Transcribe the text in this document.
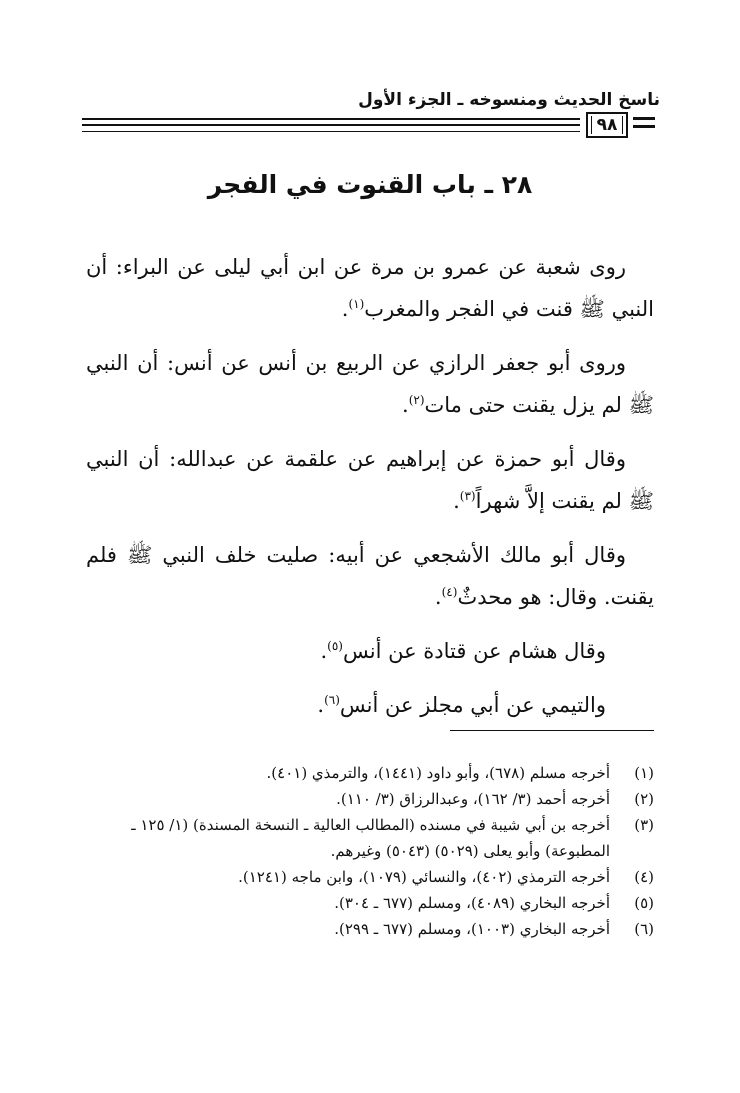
ناسخ الحديث ومنسوخه ـ الجزء الأول
٩٨
٢٨ ـ باب القنوت في الفجر

روى شعبة عن عمرو بن مرة عن ابن أبي ليلى عن البراء: أن النبي ﷺ قنت في الفجر والمغرب$^{(١)}$.

وروى أبو جعفر الرازي عن الربيع بن أنس عن أنس: أن النبي ﷺ لم يزل يقنت حتى مات$^{(٢)}$.

وقال أبو حمزة عن إبراهيم عن علقمة عن عبدالله: أن النبي ﷺ لم يقنت إلاَّ شهراً$^{(٣)}$.

وقال أبو مالك الأشجعي عن أبيه: صليت خلف النبي ﷺ فلم يقنت. وقال: هو محدثٌ$^{(٤)}$.

وقال هشام عن قتادة عن أنس$^{(٥)}$.

والتيمي عن أبي مجلز عن أنس$^{(٦)}$.

(١)
أخرجه مسلم (٦٧٨)، وأبو داود (١٤٤١)، والترمذي (٤٠١).
(٢)
أخرجه أحمد (٣/ ١٦٢)، وعبدالرزاق (٣/ ١١٠).
(٣)
أخرجه بن أبي شيبة في مسنده (المطالب العالية ـ النسخة المسندة) (١/ ١٢٥ ـ المطبوعة) وأبو يعلى (٥٠٢٩) (٥٠٤٣) وغيرهم.
(٤)
أخرجه الترمذي (٤٠٢)، والنسائي (١٠٧٩)، وابن ماجه (١٢٤١).
(٥)
أخرجه البخاري (٤٠٨٩)، ومسلم (٦٧٧ ـ ٣٠٤).
(٦)
أخرجه البخاري (١٠٠٣)، ومسلم (٦٧٧ ـ ٢٩٩).
